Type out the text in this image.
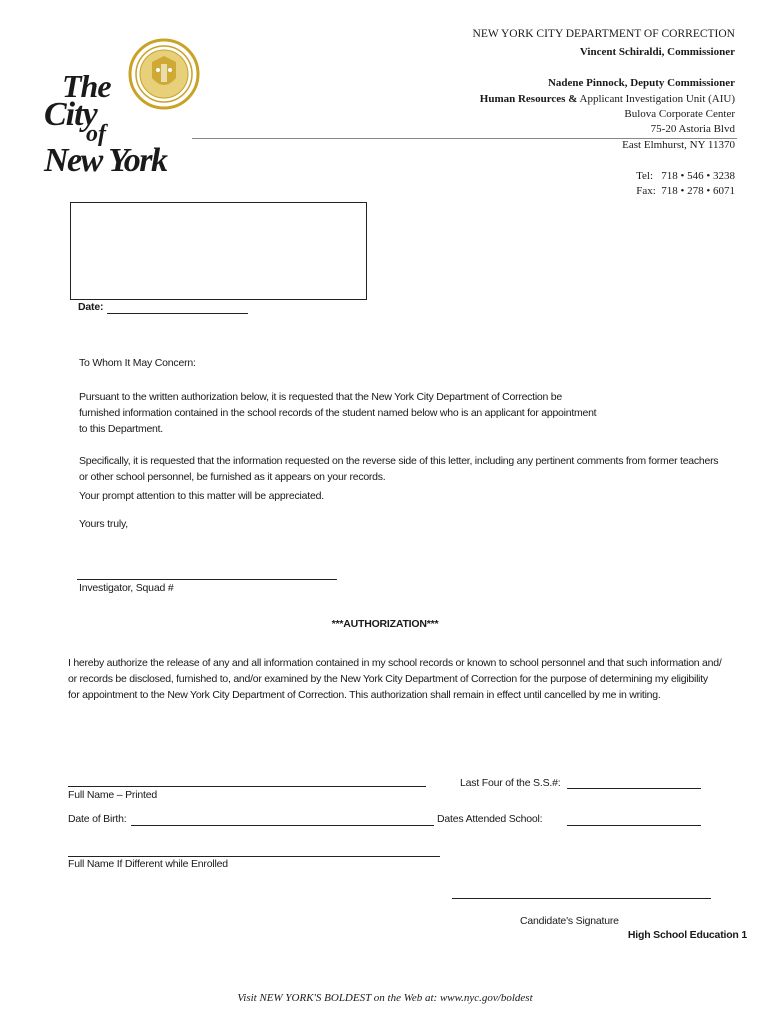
The
City
of
New York
NEW YORK CITY DEPARTMENT OF CORRECTION
Vincent Schiraldi, Commissioner
Nadene Pinnock, Deputy Commissioner
Human Resources & Applicant Investigation Unit (AIU)
Bulova Corporate Center
75-20 Astoria Blvd
East Elmhurst, NY 11370
Tel: 718 • 546 • 3238
Fax: 718 • 278 • 6071
Date:
To Whom It May Concern:

Pursuant to the written authorization below, it is requested that the New York City Department of Correction be

furnished information contained in the school records of the student named below who is an applicant for appointment

to this Department.

Specifically, it is requested that the information requested on the reverse side of this letter, including any pertinent comments from former teachers

or other school personnel, be furnished as it appears on your records.

Your prompt attention to this matter will be appreciated.
Yours truly,
Investigator, Squad #
***AUTHORIZATION***

I hereby authorize the release of any and all information contained in my school records or known to school personnel and that such information and/

or records be disclosed, furnished to, and/or examined by the New York City Department of Correction for the purpose of determining my eligibility

for appointment to the New York City Department of Correction. This authorization shall remain in effect until cancelled by me in writing.

Full Name – Printed
Last Four of the S.S.#:
Date of Birth:	Dates Attended School:
Full Name If Different while Enrolled
Candidate's Signature
High School Education 1
Visit NEW YORK'S BOLDEST on the Web at: www.nyc.gov/boldest
